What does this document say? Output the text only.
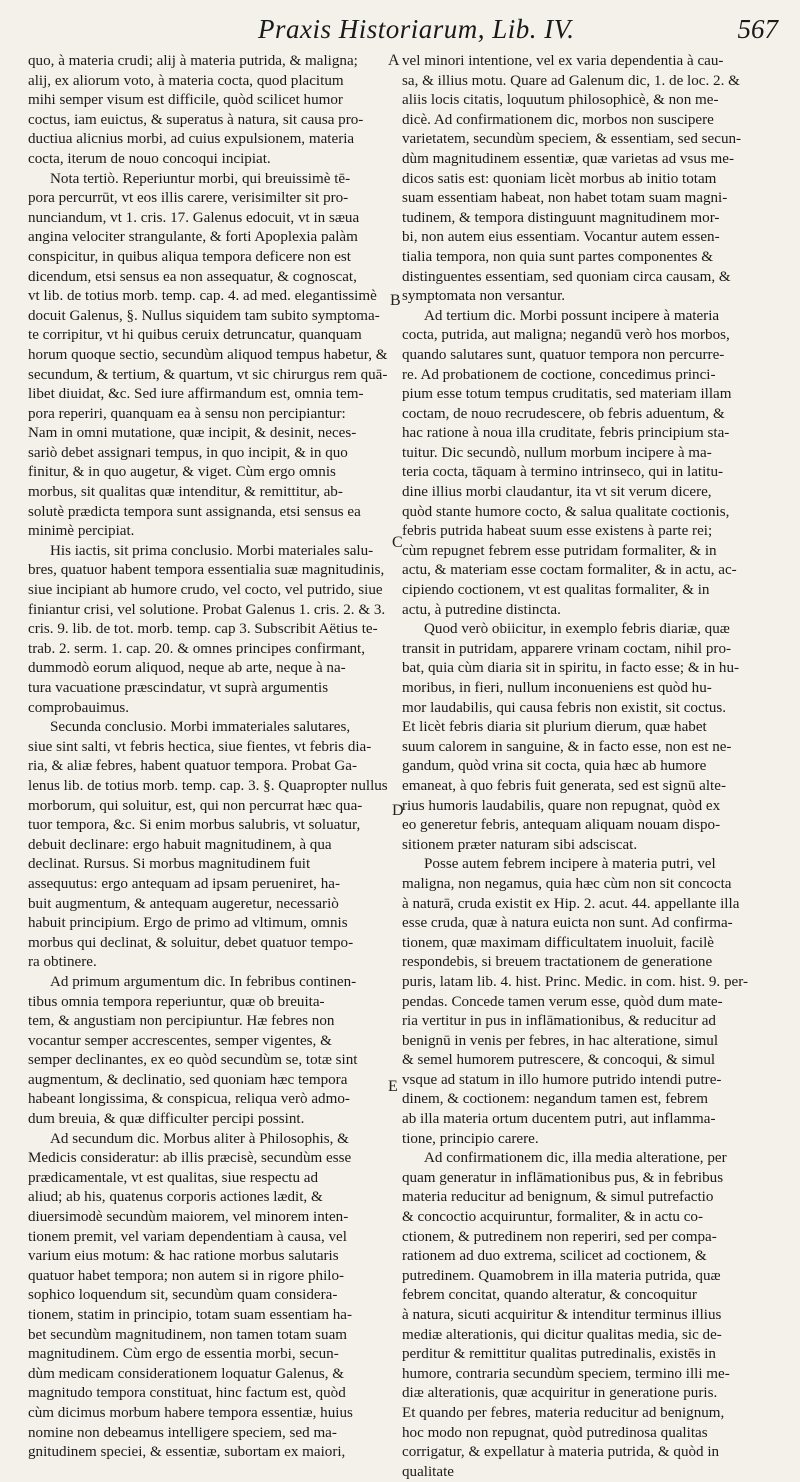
Praxis Historiarum, Lib. IV.	567
quo, à materia crudi; alij à materia putrida, & maligna;
alij, ex aliorum voto, à materia cocta, quod placitum
mihi semper visum est difficile, quòd scilicet humor
coctus, iam euictus, & superatus à natura, sit causa pro-
ductiua alicnius morbi, ad cuius expulsionem, materia
cocta, iterum de nouo concoqui incipiat.
Nota tertiò. Reperiuntur morbi, qui breuissimè tē-
pora percurrūt, vt eos illis carere, verisimilter sit pro-
nunciandum, vt 1. cris. 17. Galenus edocuit, vt in sæua
angina velociter strangulante, & forti Apoplexia palàm
conspicitur, in quibus aliqua tempora deficere non est
dicendum, etsi sensus ea non assequatur, & cognoscat,
vt lib. de totius morb. temp. cap. 4. ad med. elegantissimè
docuit Galenus, §. Nullus siquidem tam subito symptoma-
te corripitur, vt hi quibus ceruix detruncatur, quanquam
horum quoque sectio, secundùm aliquod tempus habetur, &
secundum, & tertium, & quartum, vt sic chirurgus rem quā-
libet diuidat, &c. Sed iure affirmandum est, omnia tem-
pora reperiri, quanquam ea à sensu non percipiantur:
Nam in omni mutatione, quæ incipit, & desinit, neces-
sariò debet assignari tempus, in quo incipit, & in quo
finitur, & in quo augetur, & viget. Cùm ergo omnis
morbus, sit qualitas quæ intenditur, & remittitur, ab-
solutè prædicta tempora sunt assignanda, etsi sensus ea
minimè percipiat.
His iactis, sit prima conclusio. Morbi materiales salu-
bres, quatuor habent tempora essentialia suæ magnitudinis,
siue incipiant ab humore crudo, vel cocto, vel putrido, siue
finiantur crisi, vel solutione. Probat Galenus 1. cris. 2. & 3.
cris. 9. lib. de tot. morb. temp. cap 3. Subscribit Aëtius te-
trab. 2. serm. 1. cap. 20. & omnes principes confirmant,
dummodò eorum aliquod, neque ab arte, neque à na-
tura vacuatione præscindatur, vt suprà argumentis
comprobauimus.
Secunda conclusio. Morbi immateriales salutares,
siue sint salti, vt febris hectica, siue fientes, vt febris dia-
ria, & aliæ febres, habent quatuor tempora. Probat Ga-
lenus lib. de totius morb. temp. cap. 3. §. Quapropter nullus
morborum, qui soluitur, est, qui non percurrat hæc qua-
tuor tempora, &c. Si enim morbus salubris, vt soluatur,
debuit declinare: ergo habuit magnitudinem, à qua
declinat. Rursus. Si morbus magnitudinem fuit
assequutus: ergo antequam ad ipsam perueniret, ha-
buit augmentum, & antequam augeretur, necessariò
habuit principium. Ergo de primo ad vltimum, omnis
morbus qui declinat, & soluitur, debet quatuor tempo-
ra obtinere.
Ad primum argumentum dic. In febribus continen-
tibus omnia tempora reperiuntur, quæ ob breuita-
tem, & angustiam non percipiuntur. Hæ febres non
vocantur semper accrescentes, semper vigentes, &
semper declinantes, ex eo quòd secundùm se, totæ sint
augmentum, & declinatio, sed quoniam hæc tempora
habeant longissima, & conspicua, reliqua verò admo-
dum breuia, & quæ difficulter percipi possint.
Ad secundum dic. Morbus aliter à Philosophis, &
Medicis consideratur: ab illis præcisè, secundùm esse
prædicamentale, vt est qualitas, siue respectu ad
aliud; ab his, quatenus corporis actiones lædit, &
diuersimodè secundùm maiorem, vel minorem inten-
tionem premit, vel variam dependentiam à causa, vel
varium eius motum: & hac ratione morbus salutaris
quatuor habet tempora; non autem si in rigore philo-
sophico loquendum sit, secundùm quam considera-
tionem, statim in principio, totam suam essentiam ha-
bet secundùm magnitudinem, non tamen totam suam
magnitudinem. Cùm ergo de essentia morbi, secun-
dùm medicam considerationem loquatur Galenus, &
magnitudo tempora constituat, hinc factum est, quòd
cùm dicimus morbum habere tempora essentiæ, huius
nomine non debeamus intelligere speciem, sed ma-
gnitudinem speciei, & essentiæ, subortam ex maiori,
vel minori intentione, vel ex varia dependentia à cau-
sa, & illius motu. Quare ad Galenum dic, 1. de loc. 2. &
aliis locis citatis, loquutum philosophicè, & non me-
dicè. Ad confirmationem dic, morbos non suscipere
varietatem, secundùm speciem, & essentiam, sed secun-
dùm magnitudinem essentiæ, quæ varietas ad vsus me-
dicos satis est: quoniam licèt morbus ab initio totam
suam essentiam habeat, non habet totam suam magni-
tudinem, & tempora distinguunt magnitudinem mor-
bi, non autem eius essentiam. Vocantur autem essen-
tialia tempora, non quia sunt partes componentes &
distinguentes essentiam, sed quoniam circa causam, &
symptomata non versantur.
Ad tertium dic. Morbi possunt incipere à materia
cocta, putrida, aut maligna; negandū verò hos morbos,
quando salutares sunt, quatuor tempora non percurre-
re. Ad probationem de coctione, concedimus princi-
pium esse totum tempus cruditatis, sed materiam illam
coctam, de nouo recrudescere, ob febris aduentum, &
hac ratione à noua illa cruditate, febris principium sta-
tuitur. Dic secundò, nullum morbum incipere à ma-
teria cocta, tāquam à termino intrinseco, qui in latitu-
dine illius morbi claudantur, ita vt sit verum dicere,
quòd stante humore cocto, & salua qualitate coctionis,
febris putrida habeat suum esse existens à parte rei;
cùm repugnet febrem esse putridam formaliter, & in
actu, & materiam esse coctam formaliter, & in actu, ac-
cipiendo coctionem, vt est qualitas formaliter, & in
actu, à putredine distincta.
Quod verò obiicitur, in exemplo febris diariæ, quæ
transit in putridam, apparere vrinam coctam, nihil pro-
bat, quia cùm diaria sit in spiritu, in facto esse; & in hu-
moribus, in fieri, nullum inconueniens est quòd hu-
mor laudabilis, qui causa febris non existit, sit coctus.
Et licèt febris diaria sit plurium dierum, quæ habet
suum calorem in sanguine, & in facto esse, non est ne-
gandum, quòd vrina sit cocta, quia hæc ab humore
emaneat, à quo febris fuit generata, sed est signū alte-
rius humoris laudabilis, quare non repugnat, quòd ex
eo generetur febris, antequam aliquam nouam dispo-
sitionem præter naturam sibi adsciscat.
Posse autem febrem incipere à materia putri, vel
maligna, non negamus, quia hæc cùm non sit concocta
à naturā, cruda existit ex Hip. 2. acut. 44. appellante illa
esse cruda, quæ à natura euicta non sunt. Ad confirma-
tionem, quæ maximam difficultatem inuoluit, facilè
respondebis, si breuem tractationem de generatione
puris, latam lib. 4. hist. Princ. Medic. in com. hist. 9. per-
pendas. Concede tamen verum esse, quòd dum mate-
ria vertitur in pus in inflāmationibus, & reducitur ad
benignū in venis per febres, in hac alteratione, simul
& semel humorem putrescere, & concoqui, & simul
vsque ad statum in illo humore putrido intendi putre-
dinem, & coctionem: negandum tamen est, febrem
ab illa materia ortum ducentem putri, aut inflamma-
tione, principio carere.
Ad confirmationem dic, illa media alteratione, per
quam generatur in inflāmationibus pus, & in febribus
materia reducitur ad benignum, & simul putrefactio
& concoctio acquiruntur, formaliter, & in actu co-
ctionem, & putredinem non reperiri, sed per compa-
rationem ad duo extrema, scilicet ad coctionem, &
putredinem. Quamobrem in illa materia putrida, quæ
febrem concitat, quando alteratur, & concoquitur
à natura, sicuti acquiritur & intenditur terminus illius
mediæ alterationis, qui dicitur qualitas media, sic de-
perditur & remittitur qualitas putredinalis, existēs in
humore, contraria secundùm speciem, termino illi me-
diæ alterationis, quæ acquiritur in generatione puris.
Et quando per febres, materia reducitur ad benignum,
hoc modo non repugnat, quòd putredinosa qualitas
corrigatur, & expellatur à materia putrida, & quòd in
qualitate
A
B
C
D
E
